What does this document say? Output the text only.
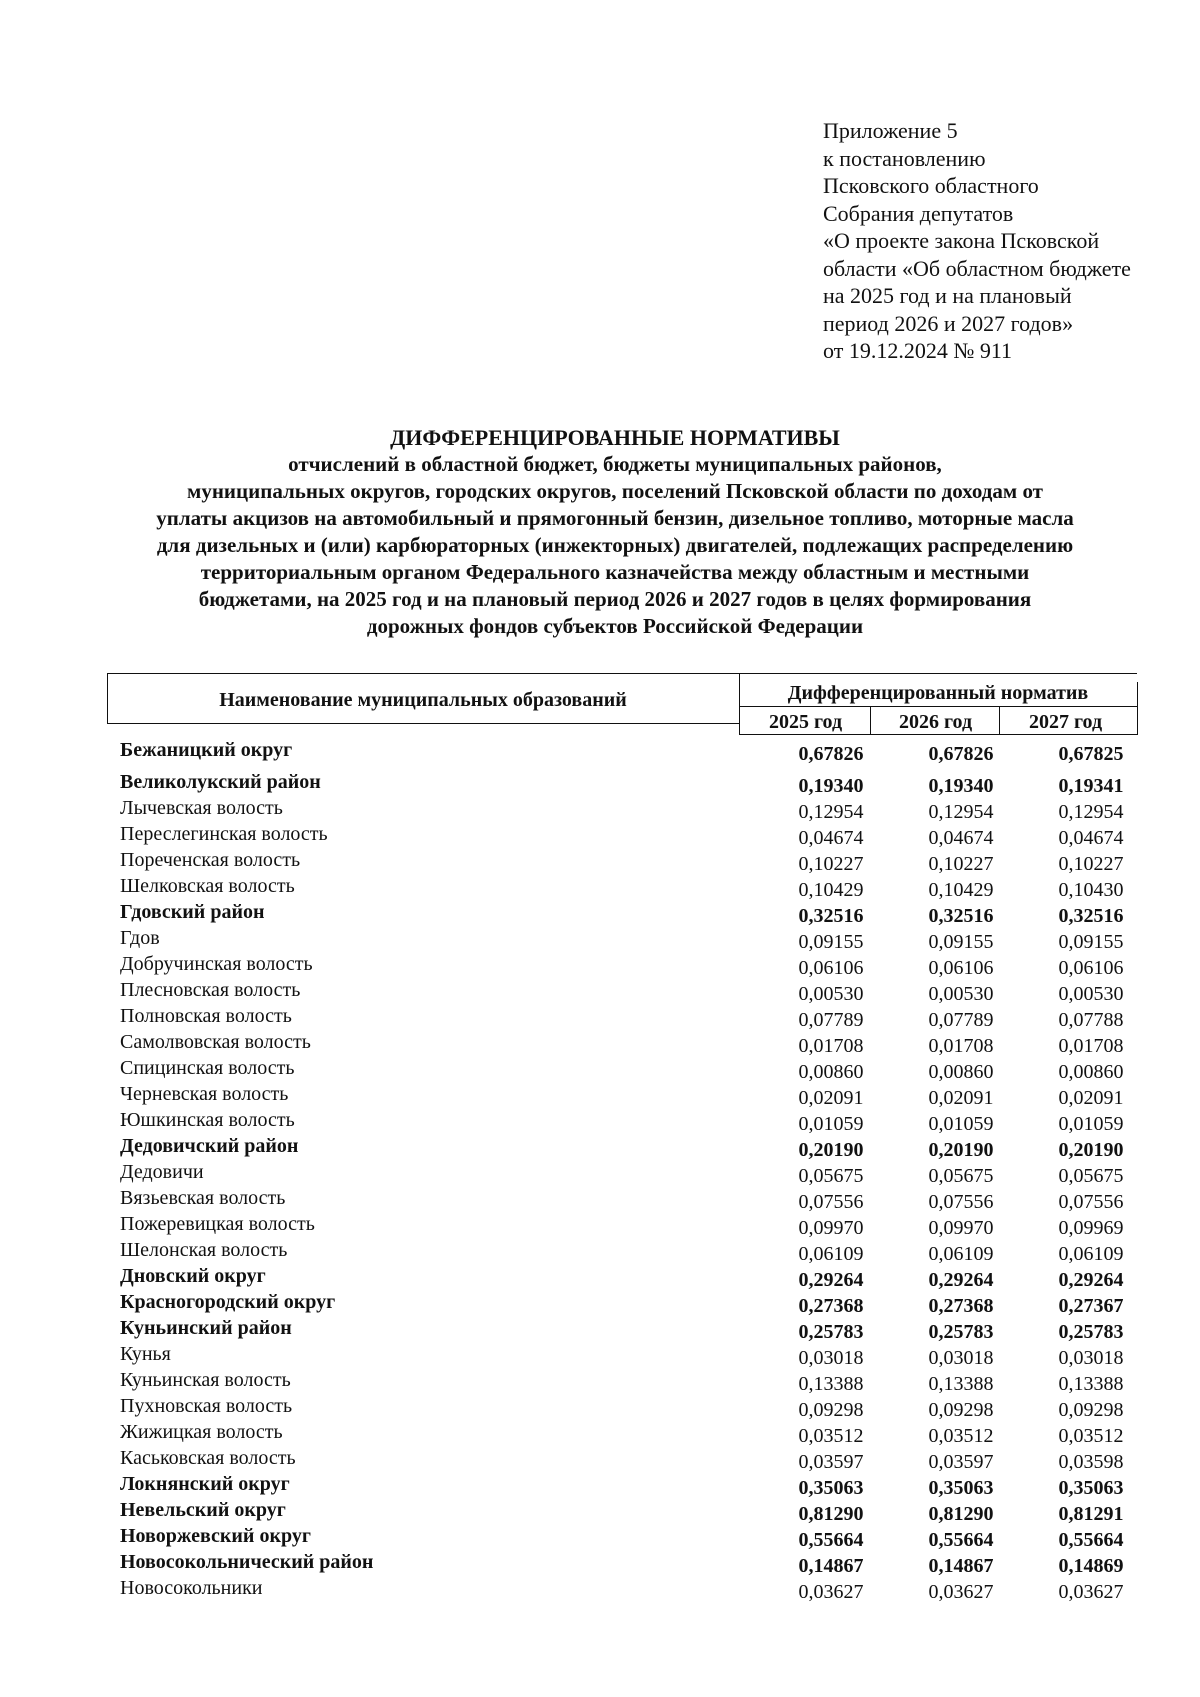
Приложение 5
к постановлению
Псковского областного
Собрания депутатов
«О проекте закона Псковской
области «Об областном бюджете
на 2025 год и на плановый
период 2026 и 2027 годов»
от 19.12.2024 № 911
ДИФФЕРЕНЦИРОВАННЫЕ НОРМАТИВЫ
отчислений в областной бюджет, бюджеты муниципальных районов,
муниципальных округов, городских округов, поселений Псковской области по доходам от
уплаты акцизов на автомобильный и прямогонный бензин, дизельное топливо, моторные масла
для дизельных и (или) карбюраторных (инжекторных) двигателей, подлежащих распределению
территориальным органом Федерального казначейства между областным и местными
бюджетами, на 2025 год и на плановый период 2026 и 2027 годов в целях формирования
дорожных фондов субъектов Российской Федерации
Наименование муниципальных образований	Дифференцированный норматив
2025 год	2026 год	2027 год
Бежаницкий округ	0,67826	0,67826	0,67825
Великолукский район	0,19340	0,19340	0,19341
Лычевская волость	0,12954	0,12954	0,12954
Переслегинская волость	0,04674	0,04674	0,04674
Пореченская волость	0,10227	0,10227	0,10227
Шелковская волость	0,10429	0,10429	0,10430
Гдовский район	0,32516	0,32516	0,32516
Гдов	0,09155	0,09155	0,09155
Добручинская волость	0,06106	0,06106	0,06106
Плесновская волость	0,00530	0,00530	0,00530
Полновская волость	0,07789	0,07789	0,07788
Самолвовская волость	0,01708	0,01708	0,01708
Спицинская волость	0,00860	0,00860	0,00860
Черневская волость	0,02091	0,02091	0,02091
Юшкинская волость	0,01059	0,01059	0,01059
Дедовичский район	0,20190	0,20190	0,20190
Дедовичи	0,05675	0,05675	0,05675
Вязьевская волость	0,07556	0,07556	0,07556
Пожеревицкая волость	0,09970	0,09970	0,09969
Шелонская волость	0,06109	0,06109	0,06109
Дновский округ	0,29264	0,29264	0,29264
Красногородский округ	0,27368	0,27368	0,27367
Куньинский район	0,25783	0,25783	0,25783
Кунья	0,03018	0,03018	0,03018
Куньинская волость	0,13388	0,13388	0,13388
Пухновская волость	0,09298	0,09298	0,09298
Жижицкая волость	0,03512	0,03512	0,03512
Каськовская волость	0,03597	0,03597	0,03598
Локнянский округ	0,35063	0,35063	0,35063
Невельский округ	0,81290	0,81290	0,81291
Новоржевский округ	0,55664	0,55664	0,55664
Новосокольнический район	0,14867	0,14867	0,14869
Новосокольники	0,03627	0,03627	0,03627
